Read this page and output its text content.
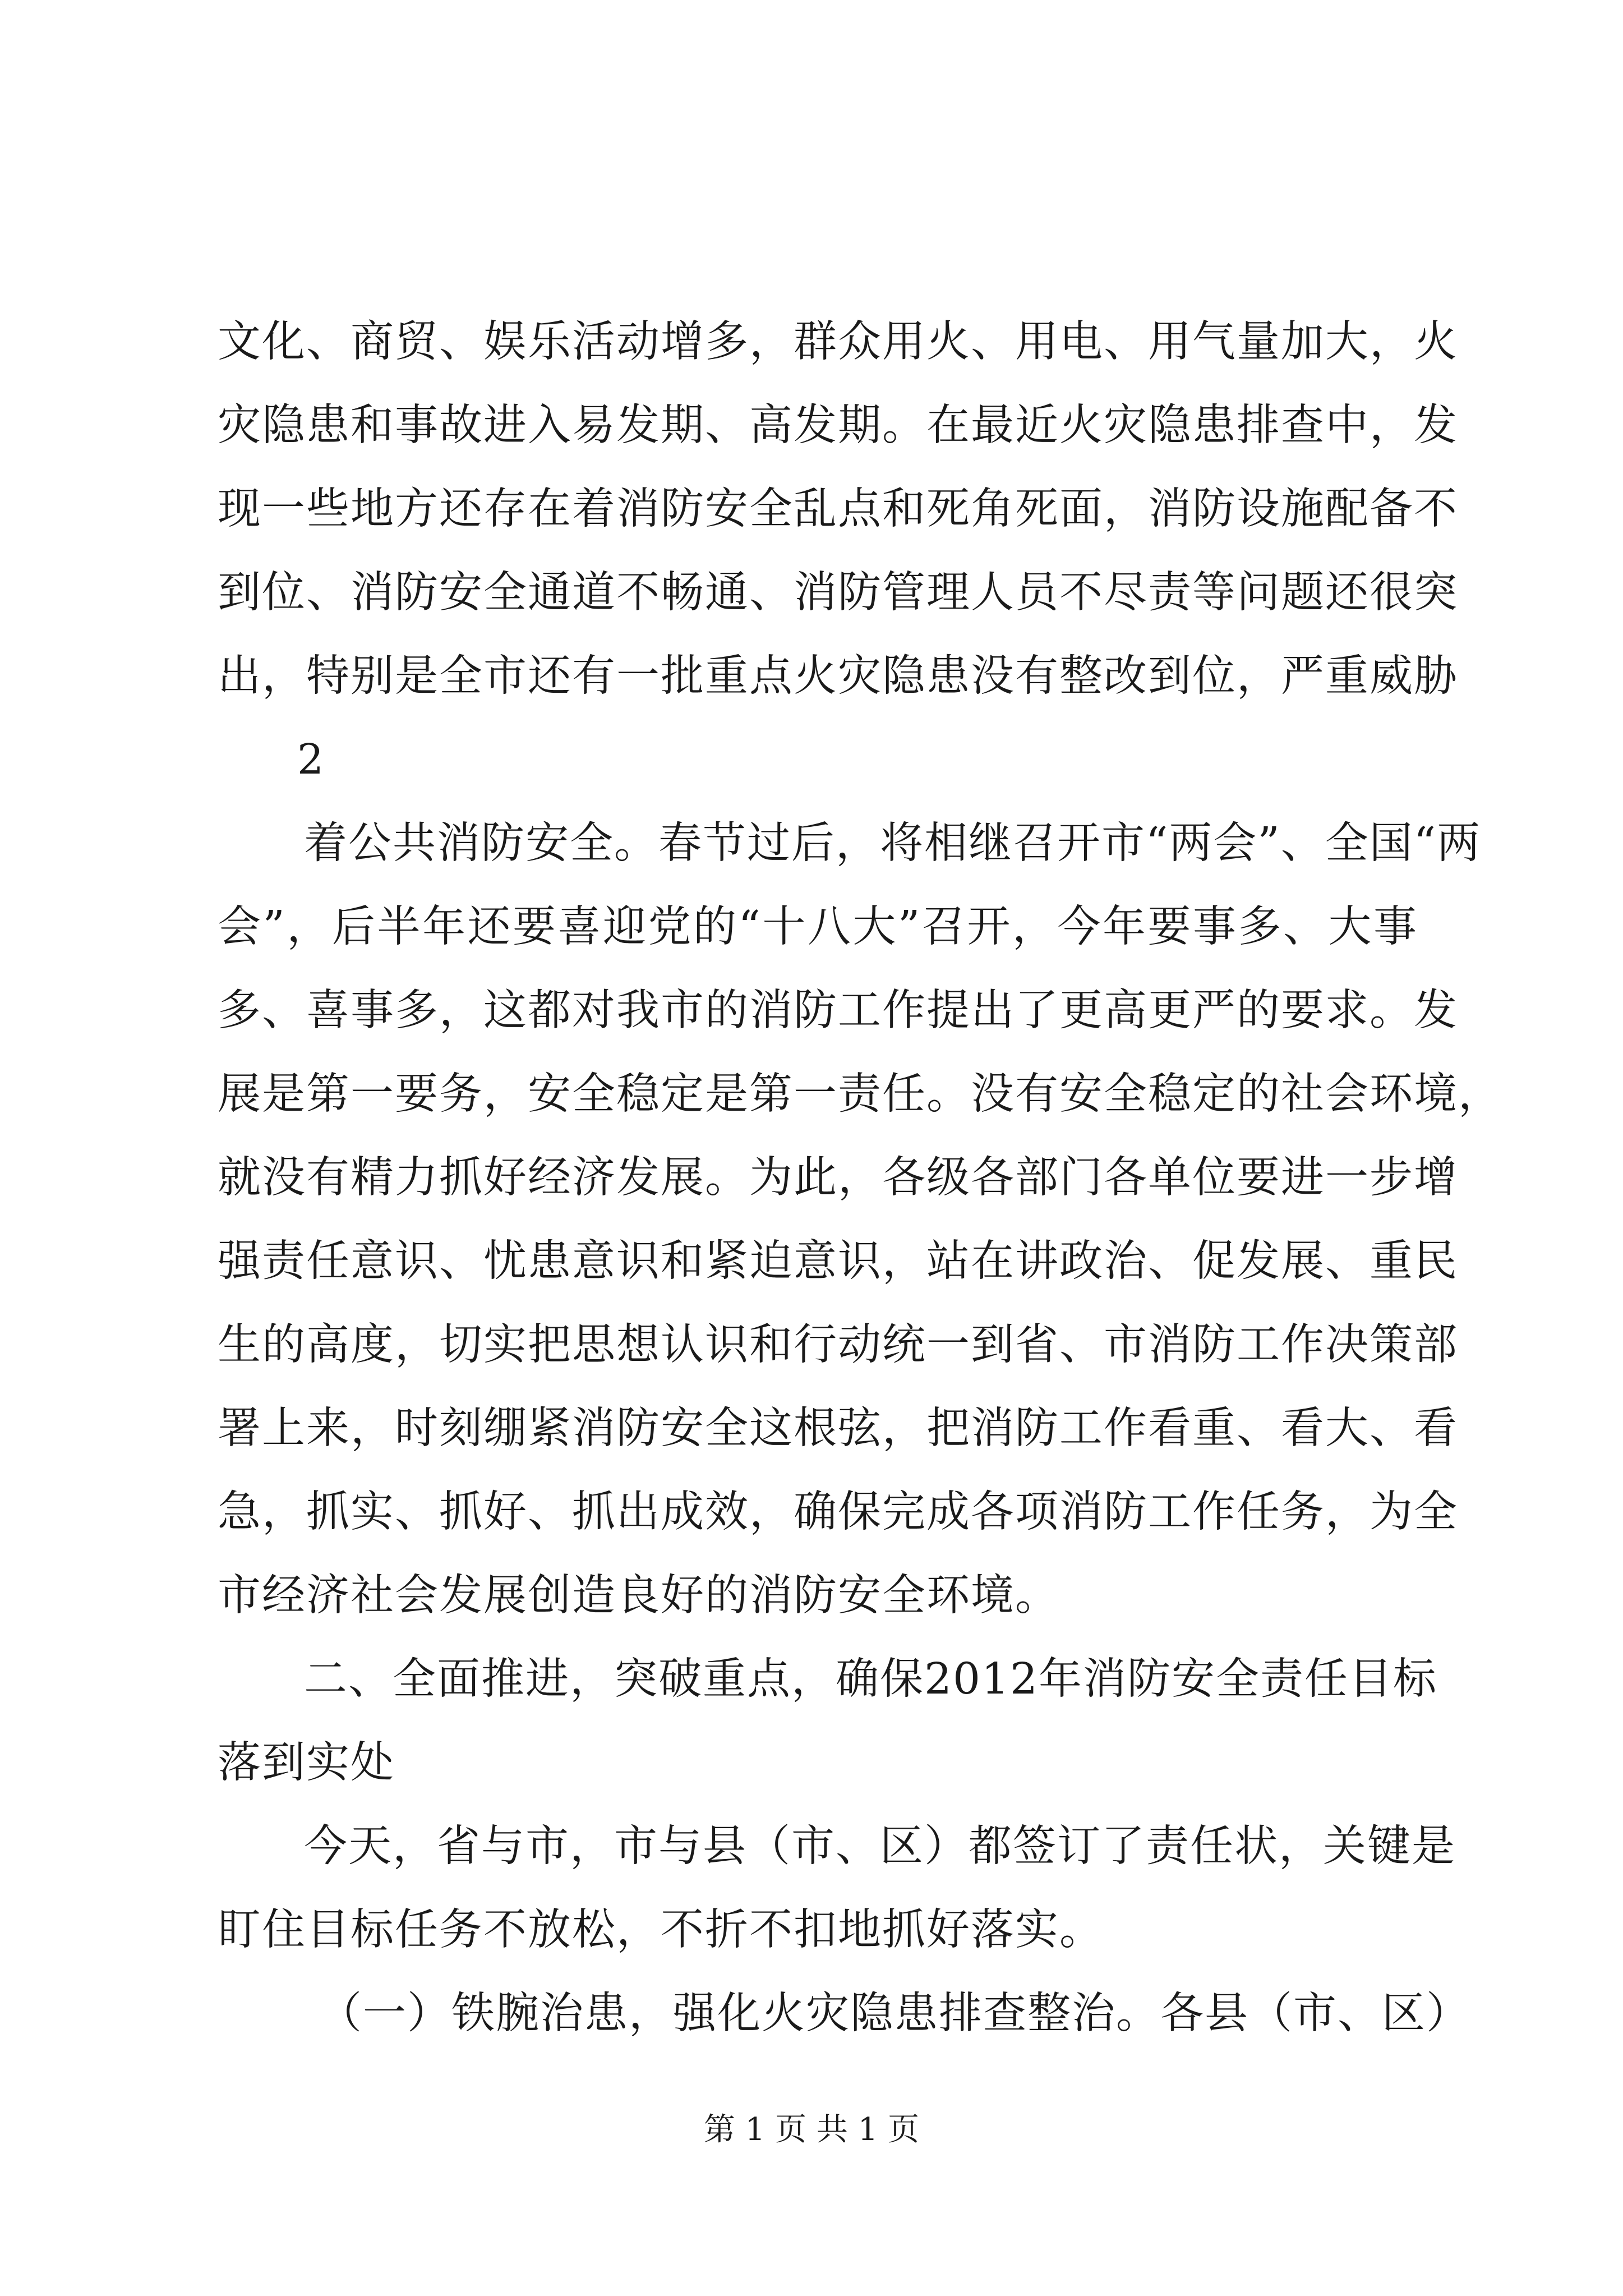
文化、商贸、娱乐活动增多，群众用火、用电、用气量加大，火
灾隐患和事故进入易发期、高发期。在最近火灾隐患排查中，发
现一些地方还存在着消防安全乱点和死角死面，消防设施配备不
到位、消防安全通道不畅通、消防管理人员不尽责等问题还很突
出，特别是全市还有一批重点火灾隐患没有整改到位，严重威胁
2
着公共消防安全。春节过后，将相继召开市“两会”、全国“两
会”，后半年还要喜迎党的“十八大”召开，今年要事多、大事
多、喜事多，这都对我市的消防工作提出了更高更严的要求。发
展是第一要务，安全稳定是第一责任。没有安全稳定的社会环境，
就没有精力抓好经济发展。为此，各级各部门各单位要进一步增
强责任意识、忧患意识和紧迫意识，站在讲政治、促发展、重民
生的高度，切实把思想认识和行动统一到省、市消防工作决策部
署上来，时刻绷紧消防安全这根弦，把消防工作看重、看大、看
急，抓实、抓好、抓出成效，确保完成各项消防工作任务，为全
市经济社会发展创造良好的消防安全环境。
二、全面推进，突破重点，确保2012年消防安全责任目标
落到实处
今天，省与市，市与县（市、区）都签订了责任状，关键是
盯住目标任务不放松，不折不扣地抓好落实。
（一）铁腕治患，强化火灾隐患排查整治。各县（市、区）
第 1 页 共 1 页
